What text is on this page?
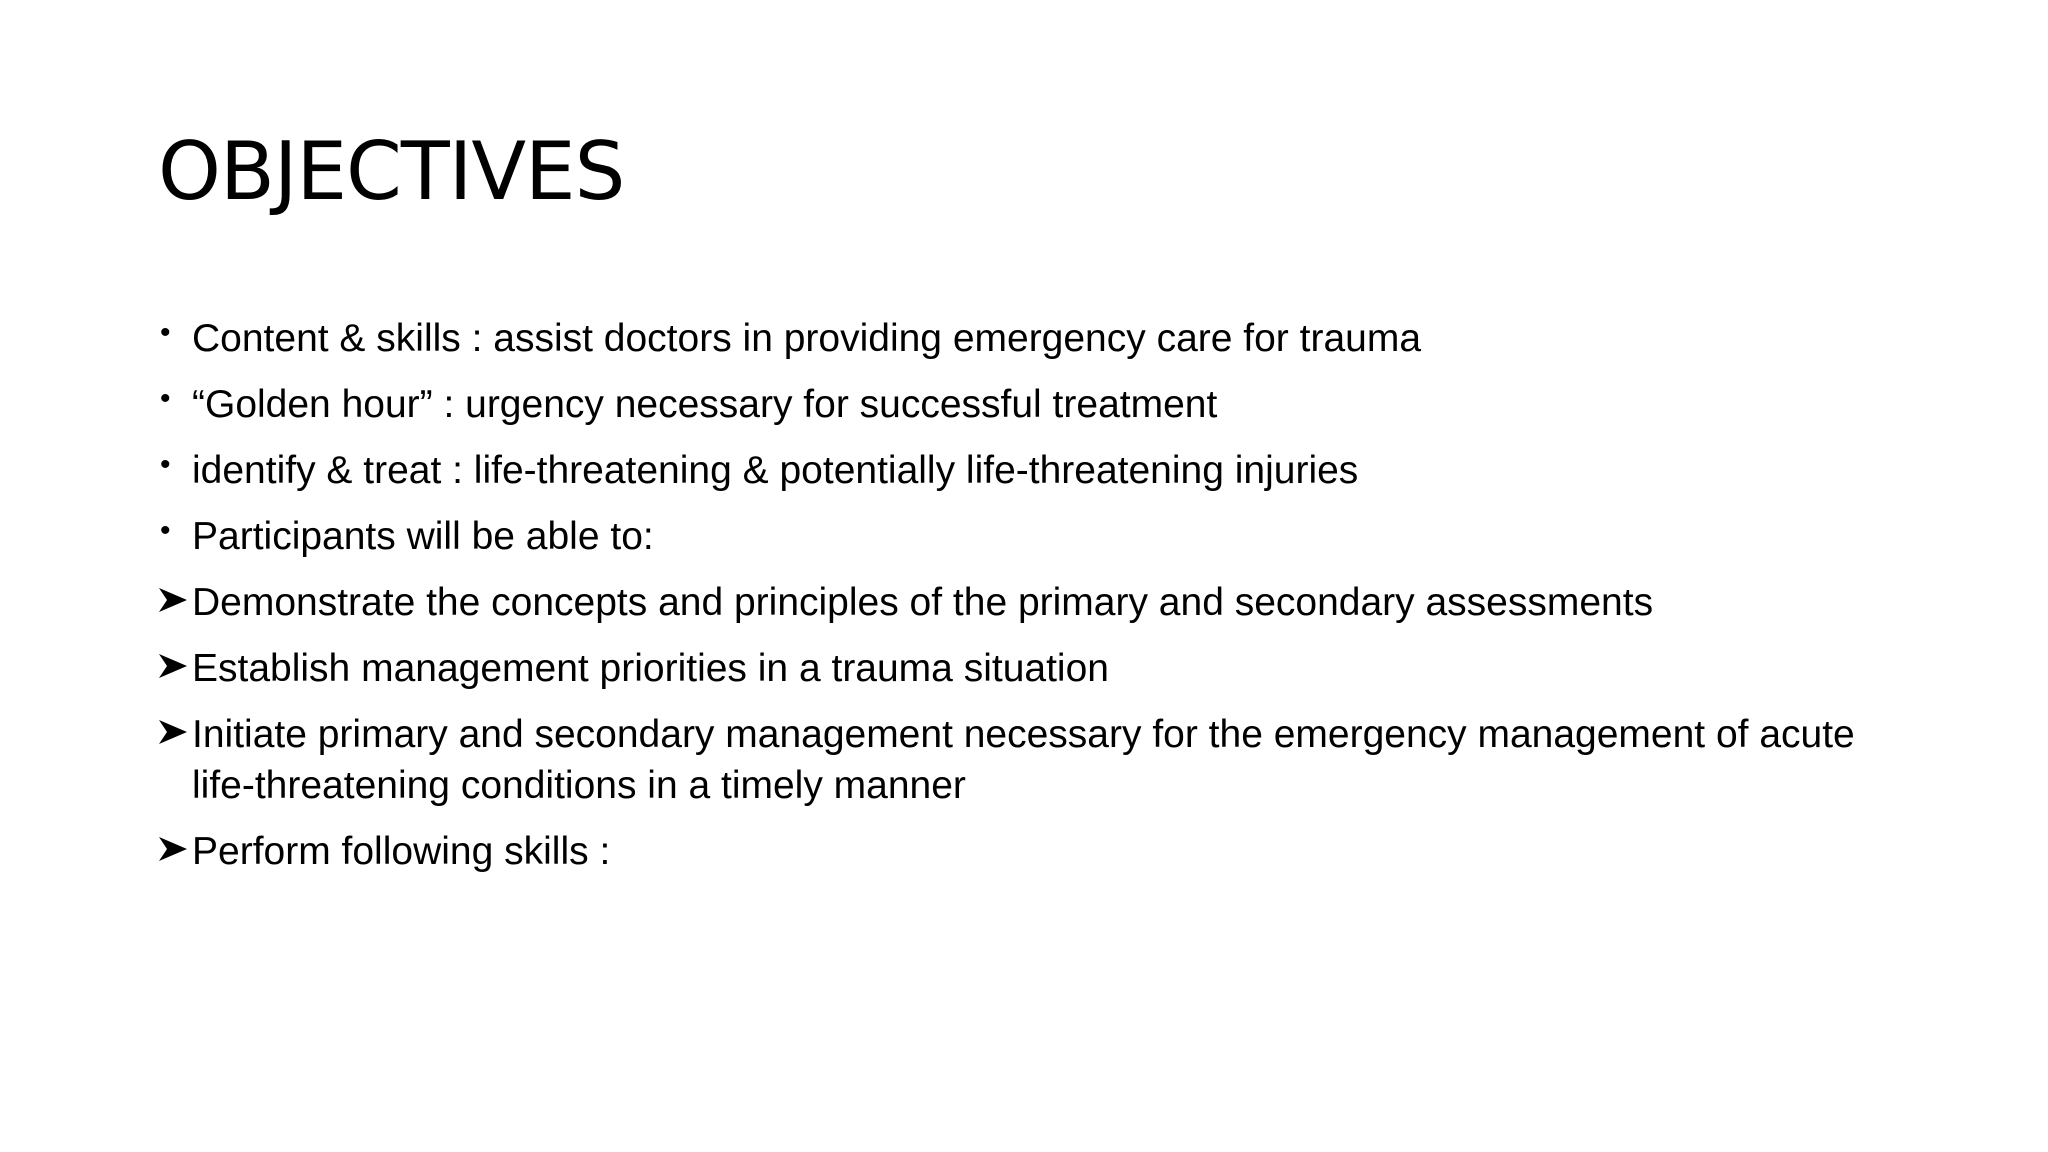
OBJECTIVES
• Content & skills : assist doctors in providing emergency care for trauma
• “Golden hour” : urgency necessary for successful treatment
• identify & treat : life-threatening & potentially life-threatening injuries
• Participants will be able to:
Demonstrate the concepts and principles of the primary and secondary assessments
Establish management priorities in a trauma situation
Initiate primary and secondary management necessary for the emergency management of acute life-threatening conditions in a timely manner
Perform following skills :
